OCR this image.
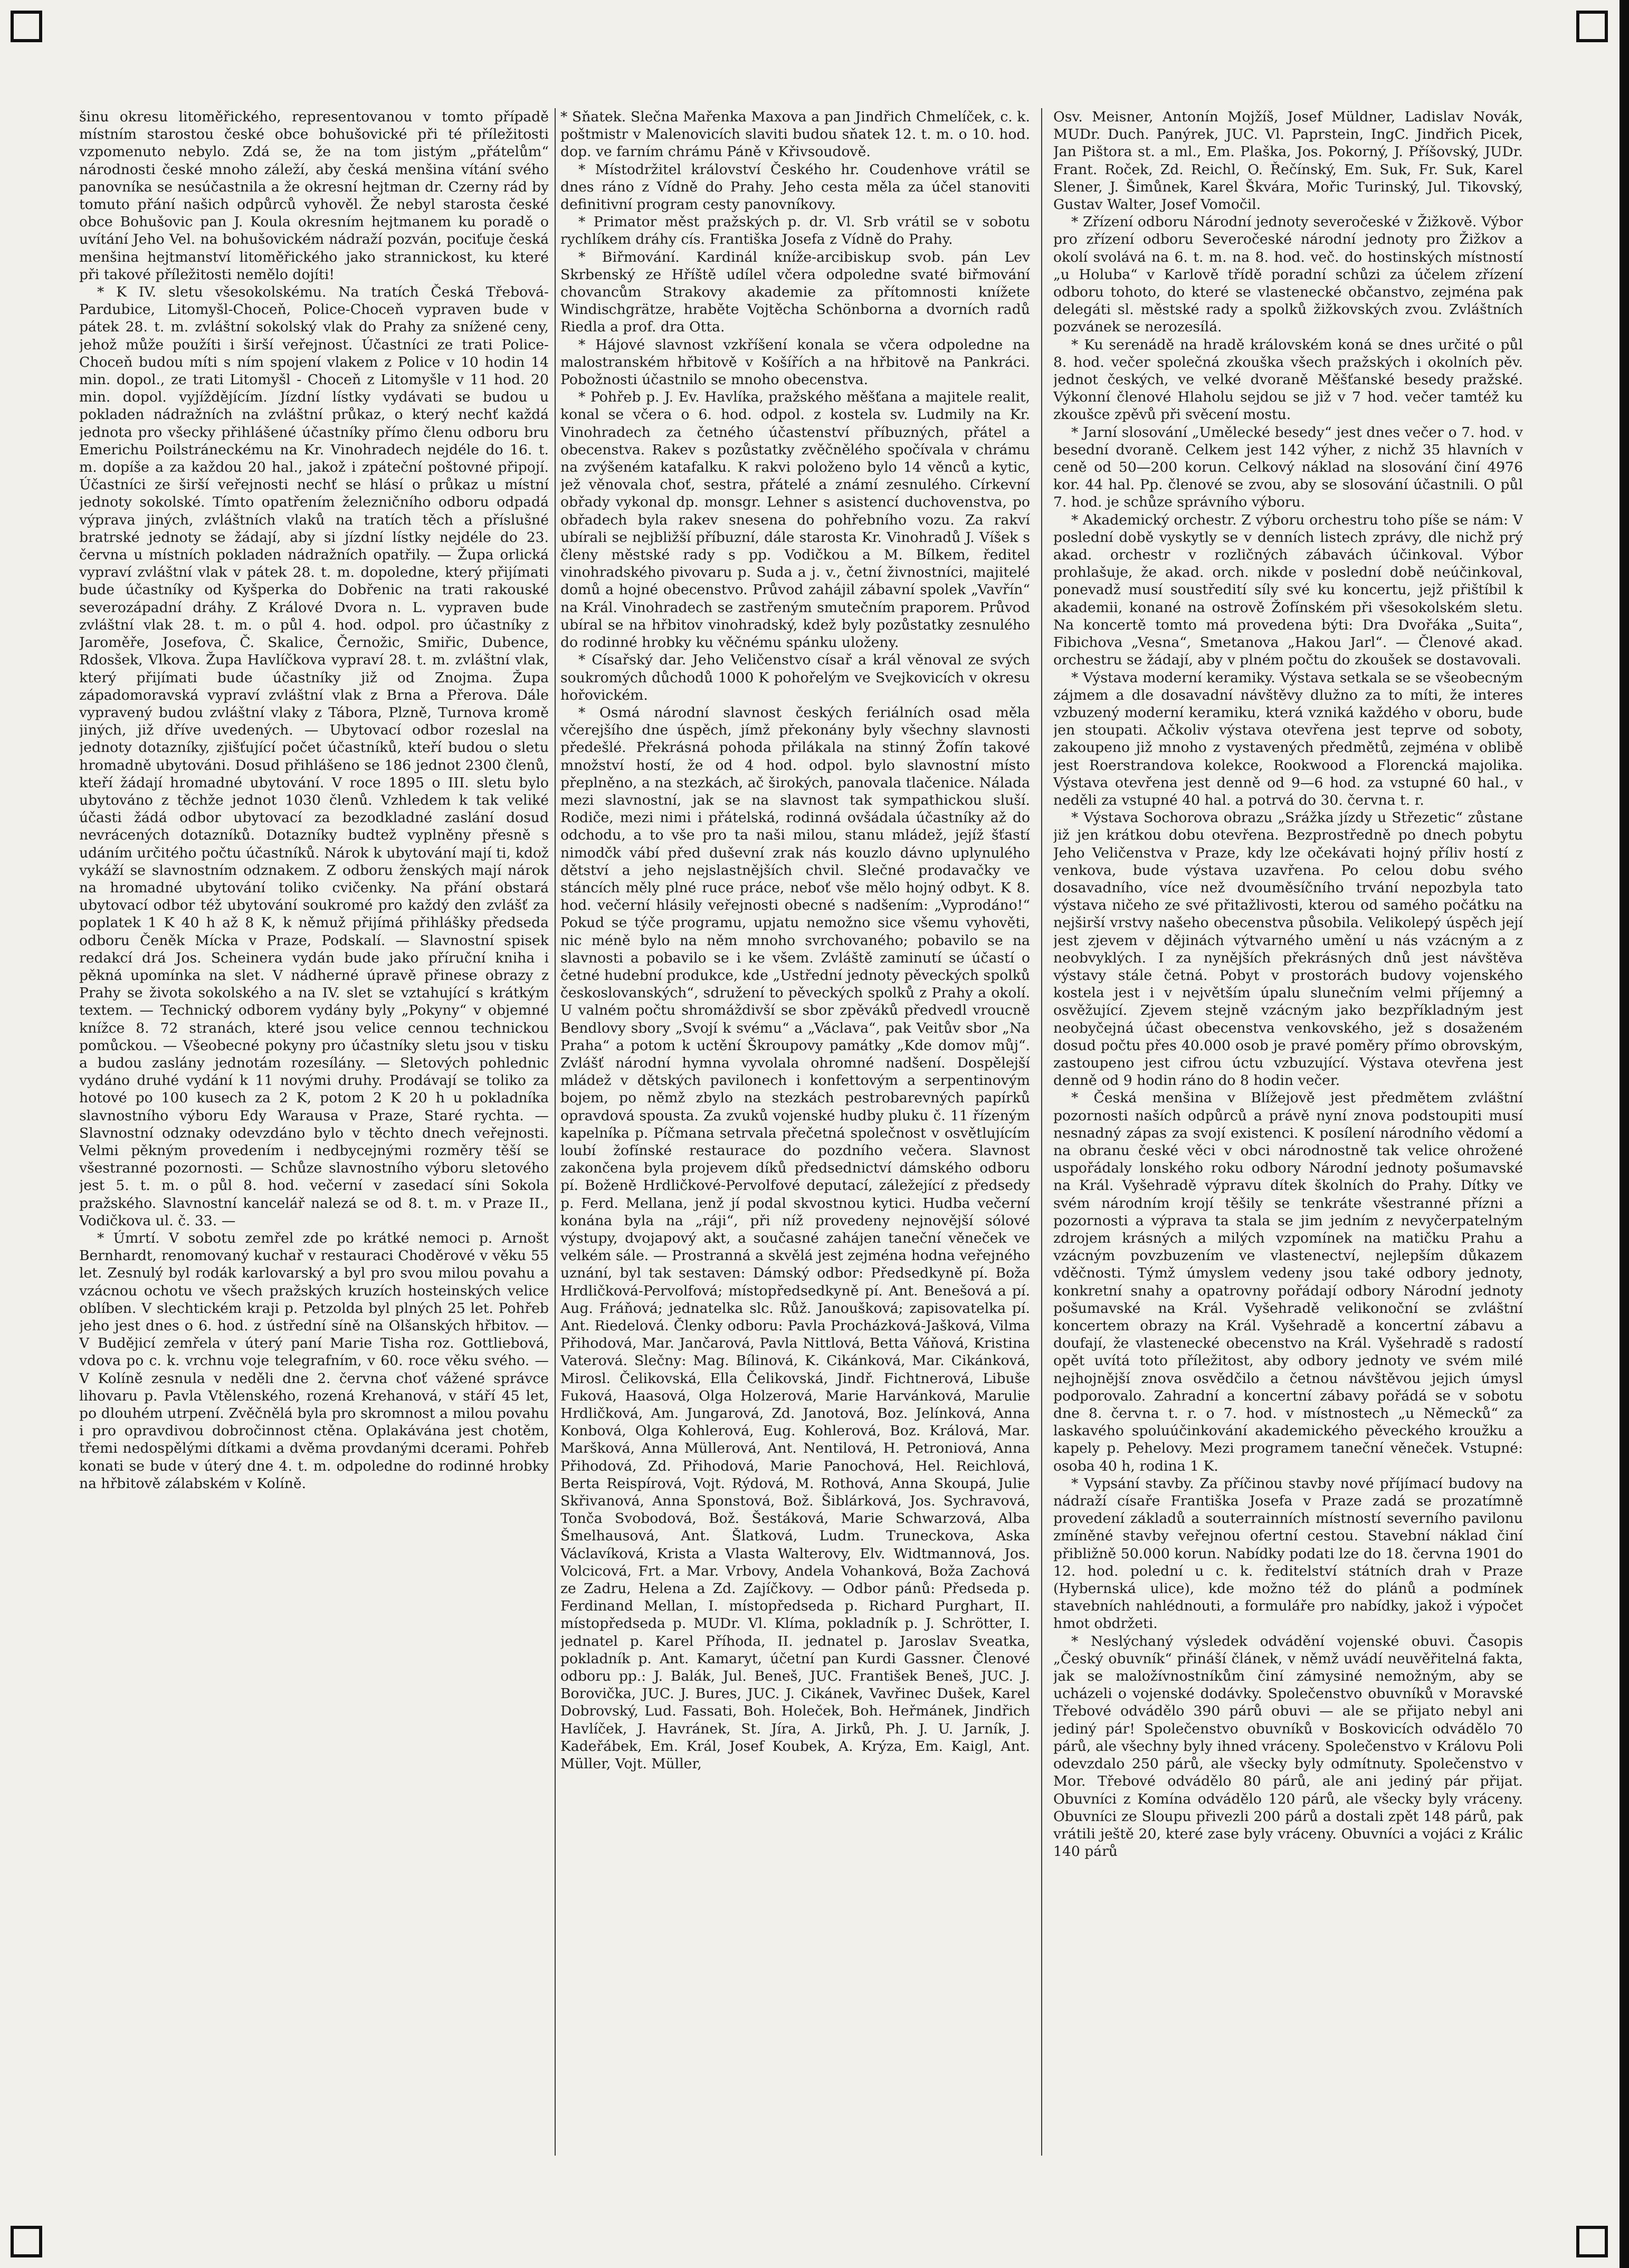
šinu okresu litoměřického, representovanou v tomto případě místním starostou české obce bohušovické při té příležitosti vzpomenuto nebylo. Zdá se, že na tom jistým „přátelům“ národnosti české mnoho záleží, aby česká menšina vítání svého panovníka se nesúčastnila a že okresní hejtman dr. Czerny rád by tomuto přání našich odpůrců vyhověl. Že nebyl starosta české obce Bohušovic pan J. Koula okresním hejtmanem ku poradě o uvítání Jeho Vel. na bohušovickém nádraží pozván, pociťuje česká menšina hejtmanství litoměřického jako strannickost, ku které při takové příležitosti nemělo dojíti!

* K IV. sletu všesokolskému. Na tratích Česká Třebová-Pardubice, Litomyšl-Choceň, Police-Choceň vypraven bude v pátek 28. t. m. zvláštní sokolský vlak do Prahy za snížené ceny, jehož může použíti i širší veřejnost. Účastníci ze trati Police-Choceň budou míti s ním spojení vlakem z Police v 10 hodin 14 min. dopol., ze trati Litomyšl - Choceň z Litomyšle v 11 hod. 20 min. dopol. vyjíždějícím. Jízdní lístky vydávati se budou u pokladen nádražních na zvláštní průkaz, o který nechť každá jednota pro všecky přihlášené účastníky přímo členu odboru bru Emerichu Poilstráneckému na Kr. Vinohradech nejdéle do 16. t. m. dopíše a za každou 20 hal., jakož i zpáteční poštovné připojí. Účastníci ze širší veřejnosti nechť se hlásí o průkaz u místní jednoty sokolské. Tímto opatřením železničního odboru odpadá výprava jiných, zvláštních vlaků na tratích těch a příslušné bratrské jednoty se žádají, aby si jízdní lístky nejdéle do 23. června u místních pokladen nádražních opatřily. — Župa orlická vypraví zvláštní vlak v pátek 28. t. m. dopoledne, který přijímati bude účastníky od Kyšperka do Dobřenic na trati rakouské severozápadní dráhy. Z Králové Dvora n. L. vypraven bude zvláštní vlak 28. t. m. o půl 4. hod. odpol. pro účastníky z Jaroměře, Josefova, Č. Skalice, Černožic, Smiřic, Dubence, Rdosšek, Vlkova. Župa Havlíčkova vypraví 28. t. m. zvláštní vlak, který přijímati bude účastníky již od Znojma. Župa západomoravská vypraví zvláštní vlak z Brna a Přerova. Dále vypravený budou zvláštní vlaky z Tábora, Plzně, Turnova kromě jiných, již dříve uvedených. — Ubytovací odbor rozeslal na jednoty dotazníky, zjišťující počet účastníků, kteří budou o sletu hromadně ubytováni. Dosud přihlášeno se 186 jednot 2300 členů, kteří žádají hromadné ubytování. V roce 1895 o III. sletu bylo ubytováno z těchže jednot 1030 členů. Vzhledem k tak veliké účasti žádá odbor ubytovací za bezodkladné zaslání dosud nevrácených dotazníků. Dotazníky budtež vyplněny přesně s udáním určitého počtu účastníků. Nárok k ubytování mají ti, kdož vykáží se slavnostním odznakem. Z odboru ženských mají nárok na hromadné ubytování toliko cvičenky. Na přání obstará ubytovací odbor též ubytování soukromé pro každý den zvlášť za poplatek 1 K 40 h až 8 K, k němuž přijímá přihlášky předseda odboru Čeněk Mícka v Praze, Podskalí. — Slavnostní spisek redakcí drá Jos. Scheinera vydán bude jako příruční kniha i pěkná upomínka na slet. V nádherné úpravě přinese obrazy z Prahy se života sokolského a na IV. slet se vztahující s krátkým textem. — Technický odborem vydány byly „Pokyny“ v objemné knížce 8. 72 stranách, které jsou velice cennou technickou pomůckou. — Všeobecné pokyny pro účastníky sletu jsou v tisku a budou zaslány jednotám rozesílány. — Sletových pohlednic vydáno druhé vydání k 11 novými druhy. Prodávají se toliko za hotové po 100 kusech za 2 K, potom 2 K 20 h u pokladníka slavnostního výboru Edy Warausa v Praze, Staré rychta. — Slavnostní odznaky odevzdáno bylo v těchto dnech veřejnosti. Velmi pěkným provedením i nedbycejnými rozměry těší se všestranné pozornosti. — Schůze slavnostního výboru sletového jest 5. t. m. o půl 8. hod. večerní v zasedací síni Sokola pražského. Slavnostní kancelář nalezá se od 8. t. m. v Praze II., Vodičkova ul. č. 33. —

* Úmrtí. V sobotu zemřel zde po krátké nemoci p. Arnošt Bernhardt, renomovaný kuchař v restauraci Choděrové v věku 55 let. Zesnulý byl rodák karlovarský a byl pro svou milou povahu a vzácnou ochotu ve všech pražských kruzích hosteinských velice oblíben. V slechtickém kraji p. Petzolda byl plných 25 let. Pohřeb jeho jest dnes o 6. hod. z ústřední síně na Olšanských hřbitov. — V Budějicí zemřela v úterý paní Marie Tisha roz. Gottliebová, vdova po c. k. vrchnu voje telegrafním, v 60. roce věku svého. — V Kolíně zesnula v neděli dne 2. června choť vážené správce lihovaru p. Pavla Vtělenského, rozená Krehanová, v stáří 45 let, po dlouhém utrpení. Zvěčnělá byla pro skromnost a milou povahu i pro opravdivou dobročinnost ctěna. Oplakávána jest chotěm, třemi nedospělými dítkami a dvěma provdanými dcerami. Pohřeb konati se bude v úterý dne 4. t. m. odpoledne do rodinné hrobky na hřbitově zálabském v Kolíně.

* Sňatek. Slečna Mařenka Maxova a pan Jindřich Chmelíček, c. k. poštmistr v Malenovicích slaviti budou sňatek 12. t. m. o 10. hod. dop. ve farním chrámu Páně v Křivsoudově.

* Místodržitel království Českého hr. Coudenhove vrátil se dnes ráno z Vídně do Prahy. Jeho cesta měla za účel stanoviti definitivní program cesty panovníkovy.

* Primator měst pražských p. dr. Vl. Srb vrátil se v sobotu rychlíkem dráhy cís. Františka Josefa z Vídně do Prahy.

* Biřmování. Kardinál kníže-arcibiskup svob. pán Lev Skrbenský ze Hříště udílel včera odpoledne svaté biřmování chovancům Strakovy akademie za přítomnosti knížete Windischgrätze, hraběte Vojtěcha Schönborna a dvorních radů Riedla a prof. dra Otta.

* Hájové slavnost vzkříšení konala se včera odpoledne na malostranském hřbitově v Košířích a na hřbitově na Pankráci. Pobožnosti účastnilo se mnoho obecenstva.

* Pohřeb p. J. Ev. Havlíka, pražského měšťana a majitele realit, konal se včera o 6. hod. odpol. z kostela sv. Ludmily na Kr. Vinohradech za četného účastenství příbuzných, přátel a obecenstva. Rakev s pozůstatky zvěčnělého spočívala v chrámu na zvýšeném katafalku. K rakvi položeno bylo 14 věnců a kytic, jež věnovala choť, sestra, přátelé a známí zesnulého. Církevní obřady vykonal dp. monsgr. Lehner s asistencí duchovenstva, po obřadech byla rakev snesena do pohřebního vozu. Za rakví ubírali se nejbližší příbuzní, dále starosta Kr. Vinohradů J. Víšek s členy městské rady s pp. Vodičkou a M. Bílkem, ředitel vinohradského pivovaru p. Suda a j. v., četní živnostníci, majitelé domů a hojné obecenstvo. Průvod zahájil zábavní spolek „Vavřín“ na Král. Vinohradech se zastřeným smutečním praporem. Průvod ubíral se na hřbitov vinohradský, kdež byly pozůstatky zesnulého do rodinné hrobky ku věčnému spánku uloženy.

* Císařský dar. Jeho Veličenstvo císař a král věnoval ze svých soukromých důchodů 1000 K pohořelým ve Svejkovicích v okresu hořovickém.

* Osmá národní slavnost českých feriálních osad měla včerejšího dne úspěch, jímž překonány byly všechny slavnosti předešlé. Překrásná pohoda přilákala na stinný Žofín takové množství hostí, že od 4 hod. odpol. bylo slavnostní místo přeplněno, a na stezkách, ač širokých, panovala tlačenice. Nálada mezi slavnostní, jak se na slavnost tak sympathickou sluší. Rodiče, mezi nimi i přátelská, rodinná ovšádala účastníky až do odchodu, a to vše pro ta naši milou, stanu mládež, jejíž šťastí nimodčk vábí před duševní zrak nás kouzlo dávno uplynulého dětství a jeho nejslastnějších chvil. Slečné prodavačky ve stáncích měly plné ruce práce, neboť vše mělo hojný odbyt. K 8. hod. večerní hlásily veřejnosti obecné s nadšením: „Vyprodáno!“ Pokud se týče programu, upjatu nemožno sice všemu vyhověti, nic méně bylo na něm mnoho svrchovaného; pobavilo se na slavnosti a pobavilo se i ke všem. Zvláště zaminutí se účastí o četné hudební produkce, kde „Ustřední jednoty pěveckých spolků českoslovanských“, sdružení to pěveckých spolků z Prahy a okolí. U valném počtu shromáždivší se sbor zpěváků předvedl vroucně Bendlovy sbory „Svojí k svému“ a „Václava“, pak Veitův sbor „Na Praha“ a potom k uctění Škroupovy památky „Kde domov můj“. Zvlášť národní hymna vyvolala ohromné nadšení. Dospělejší mládež v dětských pavilonech i konfettovým a serpentinovým bojem, po němž zbylo na stezkách pestrobarevných papírků opravdová spousta. Za zvuků vojenské hudby pluku č. 11 řízeným kapelníka p. Píčmana setrvala přečetná společnost v osvětlujícím loubí žofínské restaurace do pozdního večera. Slavnost zakončena byla projevem díků předsednictví dámského odboru pí. Boženě Hrdličkové-Pervolfové deputací, záležející z předsedy p. Ferd. Mellana, jenž jí podal skvostnou kytici. Hudba večerní konána byla na „ráji“, při níž provedeny nejnovější sólové výstupy, dvojapový akt, a současné zahájen taneční věneček ve velkém sále. — Prostranná a skvělá jest zejména hodna veřejného uznání, byl tak sestaven: Dámský odbor: Předsedkyně pí. Boža Hrdličková-Pervolfová; místopředsedkyně pí. Ant. Benešová a pí. Aug. Fráňová; jednatelka slc. Růž. Janoušková; zapisovatelka pí. Ant. Riedelová. Členky odboru: Pavla Procházková-Jašková, Vilma Přihodová, Mar. Jančarová, Pavla Nittlová, Betta Váňová, Kristina Vaterová. Slečny: Mag. Bílinová, K. Cikánková, Mar. Cikánková, Mirosl. Čelikovská, Ella Čelikovská, Jindř. Fichtnerová, Libuše Fuková, Haasová, Olga Holzerová, Marie Harvánková, Marulie Hrdličková, Am. Jungarová, Zd. Janotová, Boz. Jelínková, Anna Konbová, Olga Kohlerová, Eug. Kohlerová, Boz. Králová, Mar. Maršková, Anna Müllerová, Ant. Nentilová, H. Petroniová, Anna Přihodová, Zd. Přihodová, Marie Panochová, Hel. Reichlová, Berta Reispírová, Vojt. Rýdová, M. Rothová, Anna Skoupá, Julie Skřivanová, Anna Sponstová, Bož. Šiblárková, Jos. Sychravová, Tonča Svobodová, Bož. Šestáková, Marie Schwarzová, Alba Šmelhausová, Ant. Šlatková, Ludm. Truneckova, Aska Václavíková, Krista a Vlasta Walterovy, Elv. Widtmannová, Jos. Volcicová, Frt. a Mar. Vrbovy, Andela Vohanková, Boža Zachová ze Zadru, Helena a Zd. Zajíčkovy. — Odbor pánů: Předseda p. Ferdinand Mellan, I. místopředseda p. Richard Purghart, II. místopředseda p. MUDr. Vl. Klíma, pokladník p. J. Schrötter, I. jednatel p. Karel Příhoda, II. jednatel p. Jaroslav Sveatka, pokladník p. Ant. Kamaryt, účetní pan Kurdi Gassner. Členové odboru pp.: J. Balák, Jul. Beneš, JUC. František Beneš, JUC. J. Borovička, JUC. J. Bures, JUC. J. Cikánek, Vavřinec Dušek, Karel Dobrovský, Lud. Fassati, Boh. Holeček, Boh. Heřmánek, Jindřich Havlíček, J. Havránek, St. Jíra, A. Jirků, Ph. J. U. Jarník, J. Kadeřábek, Em. Král, Josef Koubek, A. Krýza, Em. Kaigl, Ant. Müller, Vojt. Müller,

Osv. Meisner, Antonín Mojžíš, Josef Müldner, Ladislav Novák, MUDr. Duch. Panýrek, JUC. Vl. Paprstein, IngC. Jindřich Picek, Jan Pištora st. a ml., Em. Plaška, Jos. Pokorný, J. Příšovský, JUDr. Frant. Roček, Zd. Reichl, O. Řečínský, Em. Suk, Fr. Suk, Karel Slener, J. Šimůnek, Karel Škvára, Mořic Turinský, Jul. Tikovský, Gustav Walter, Josef Vomočil.

* Zřízení odboru Národní jednoty severočeské v Žižkově. Výbor pro zřízení odboru Severočeské národní jednoty pro Žižkov a okolí svolává na 6. t. m. na 8. hod. več. do hostinských místností „u Holuba“ v Karlově třídě poradní schůzi za účelem zřízení odboru tohoto, do které se vlastenecké občanstvo, zejména pak delegáti sl. městské rady a spolků žižkovských zvou. Zvláštních pozvánek se nerozesílá.

* Ku serenádě na hradě královském koná se dnes určité o půl 8. hod. večer společná zkouška všech pražských i okolních pěv. jednot českých, ve velké dvoraně Měšťanské besedy pražské. Výkonní členové Hlaholu sejdou se již v 7 hod. večer tamtéž ku zkoušce zpěvů při svěcení mostu.

* Jarní slosování „Umělecké besedy“ jest dnes večer o 7. hod. v besední dvoraně. Celkem jest 142 výher, z nichž 35 hlavních v ceně od 50—200 korun. Celkový náklad na slosování činí 4976 kor. 44 hal. Pp. členové se zvou, aby se slosování účastnili. O půl 7. hod. je schůze správního výboru.

* Akademický orchestr. Z výboru orchestru toho píše se nám: V poslední době vyskytly se v denních listech zprávy, dle nichž prý akad. orchestr v rozličných zábavách účinkoval. Výbor prohlašuje, že akad. orch. nikde v poslední době neúčinkoval, ponevadž musí soustředití síly své ku koncertu, jejž přištíbil k akademii, konané na ostrově Žofínském při všesokolském sletu. Na koncertě tomto má provedena býti: Dra Dvořáka „Suita“, Fibichova „Vesna“, Smetanova „Hakou Jarl“. — Členové akad. orchestru se žádají, aby v plném počtu do zkoušek se dostavovali.

* Výstava moderní keramiky. Výstava setkala se se všeobecným zájmem a dle dosavadní návštěvy dlužno za to míti, že interes vzbuzený moderní keramiku, která vzniká každého v oboru, bude jen stoupati. Ačkoliv výstava otevřena jest teprve od soboty, zakoupeno již mnoho z vystavených předmětů, zejména v oblibě jest Roerstrandova kolekce, Rookwood a Florencká majolika. Výstava otevřena jest denně od 9—6 hod. za vstupné 60 hal., v neděli za vstupné 40 hal. a potrvá do 30. června t. r.

* Výstava Sochorova obrazu „Srážka jízdy u Střezetic“ zůstane již jen krátkou dobu otevřena. Bezprostředně po dnech pobytu Jeho Veličenstva v Praze, kdy lze očekávati hojný příliv hostí z venkova, bude výstava uzavřena. Po celou dobu svého dosavadního, více než dvouměsíčního trvání nepozbyla tato výstava ničeho ze své přitažlivosti, kterou od samého počátku na nejširší vrstvy našeho obecenstva působila. Velikolepý úspěch její jest zjevem v dějinách výtvarného umění u nás vzácným a z neobvyklých. I za nynějších překrásných dnů jest návštěva výstavy stále četná. Pobyt v prostorách budovy vojenského kostela jest i v největším úpalu slunečním velmi příjemný a osvěžující. Zjevem stejně vzácným jako bezpříkladným jest neobyčejná účast obecenstva venkovského, jež s dosaženém dosud počtu přes 40.000 osob je pravé poměry přímo obrovským, zastoupeno jest cifrou úctu vzbuzující. Výstava otevřena jest denně od 9 hodin ráno do 8 hodin večer.

* Česká menšina v Blížejově jest předmětem zvláštní pozornosti naších odpůrců a právě nyní znova podstoupiti musí nesnadný zápas za svojí existenci. K posílení národního vědomí a na obranu české věci v obci národnostně tak velice ohrožené uspořádaly lonského roku odbory Národní jednoty pošumavské na Král. Vyšehradě výpravu dítek školních do Prahy. Dítky ve svém národním krojí těšily se tenkráte všestranné přízni a pozornosti a výprava ta stala se jim jedním z nevyčerpatelným zdrojem krásných a milých vzpomínek na matičku Prahu a vzácným povzbuzením ve vlastenectví, nejlepším důkazem vděčnosti. Týmž úmyslem vedeny jsou také odbory jednoty, konkretní snahy a opatrovny pořádají odbory Národní jednoty pošumavské na Král. Vyšehradě velikonoční se zvláštní koncertem obrazy na Král. Vyšehradě a koncertní zábavu a doufají, že vlastenecké obecenstvo na Král. Vyšehradě s radostí opět uvítá toto příležitost, aby odbory jednoty ve svém milé nejhojnější znova osvědčilo a četnou návštěvou jejich úmysl podporovalo. Zahradní a koncertní zábavy pořádá se v sobotu dne 8. června t. r. o 7. hod. v místnostech „u Německů“ za laskavého spoluúčinkování akademického pěveckého kroužku a kapely p. Pehelovy. Mezi programem taneční věneček. Vstupné: osoba 40 h, rodina 1 K.

* Vypsání stavby. Za příčinou stavby nové příjímací budovy na nádraží císaře Františka Josefa v Praze zadá se prozatímně provedení základů a souterrainních místností severního pavilonu zmíněné stavby veřejnou ofertní cestou. Stavební náklad činí přibližně 50.000 korun. Nabídky podati lze do 18. června 1901 do 12. hod. polední u c. k. ředitelství státních drah v Praze (Hybernská ulice), kde možno též do plánů a podmínek stavebních nahlédnouti, a formuláře pro nabídky, jakož i výpočet hmot obdržeti.

* Neslýchaný výsledek odvádění vojenské obuvi. Časopis „Český obuvník“ přináší článek, v němž uvádí neuvěřitelná fakta, jak se maložívnostníkům činí zámysiné nemožným, aby se ucházeli o vojenské dodávky. Společenstvo obuvníků v Moravské Třebové odvádělo 390 párů obuvi — ale se přijato nebyl ani jediný pár! Společenstvo obuvníků v Boskovicích odvádělo 70 párů, ale všechny byly ihned vráceny. Společenstvo v Královu Poli odevzdalo 250 párů, ale všecky byly odmítnuty. Společenstvo v Mor. Třebové odvádělo 80 párů, ale ani jediný pár přijat. Obuvníci z Komína odvádělo 120 párů, ale všecky byly vráceny. Obuvníci ze Sloupu přivezli 200 párů a dostali zpět 148 párů, pak vrátili ještě 20, které zase byly vráceny. Obuvníci a vojáci z Králic 140 párů
